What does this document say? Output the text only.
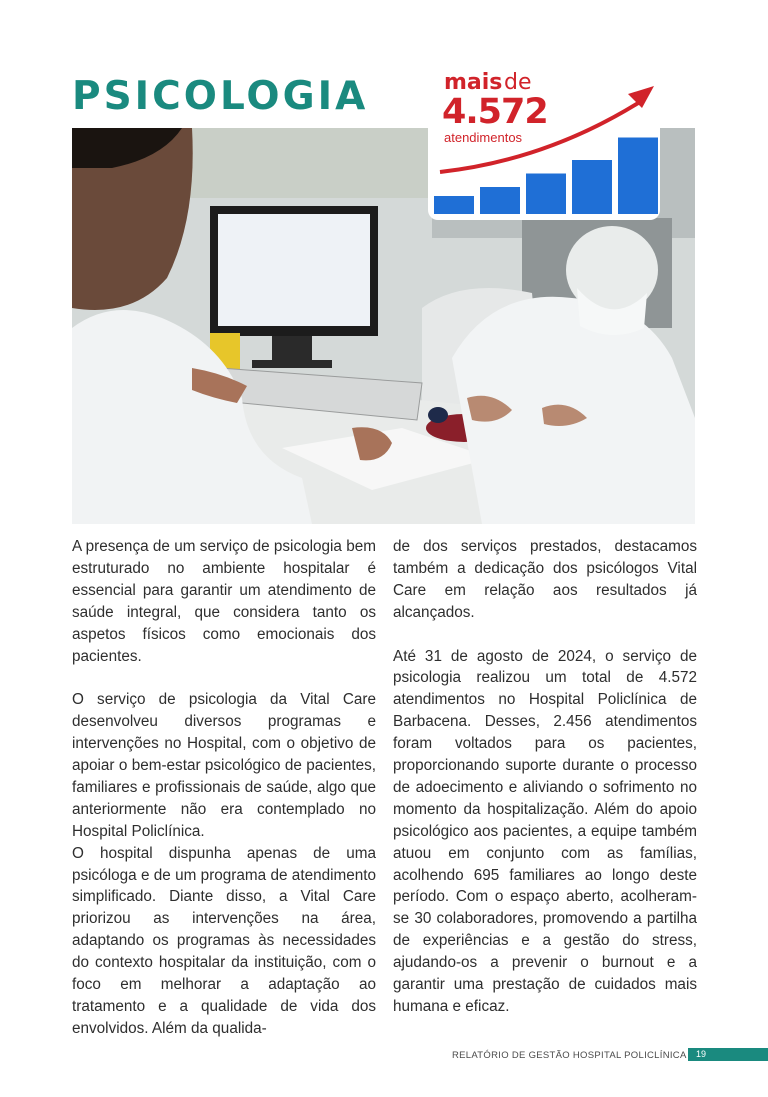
PSICOLOGIA	mais de
4.572
atendimentos

A presença de um serviço de psicologia bem estruturado no ambiente hospitalar é essencial para garantir um atendimento de saúde integral, que considera tanto os aspetos físicos como emocionais dos pacientes.

O serviço de psicologia da Vital Care desenvolveu diversos programas e intervenções no Hospital, com o objetivo de apoiar o bem-estar psicológico de pacientes, familiares e profissionais de saúde, algo que anteriormente não era contemplado no Hospital Policlínica.

O hospital dispunha apenas de uma psicóloga e de um programa de atendimento simplificado. Diante disso, a Vital Care priorizou as intervenções na área, adaptando os programas às necessidades do contexto hospitalar da instituição, com o foco em melhorar a adaptação ao tratamento e a qualidade de vida dos envolvidos. Além da qualida-

de dos serviços prestados, destacamos também a dedicação dos psicólogos Vital Care em relação aos resultados já alcançados.

Até 31 de agosto de 2024, o serviço de psicologia realizou um total de 4.572 atendimentos no Hospital Policlínica de Barbacena. Desses, 2.456 atendimentos foram voltados para os pacientes, proporcionando suporte durante o processo de adoecimento e aliviando o sofrimento no momento da hospitalização. Além do apoio psicológico aos pacientes, a equipe também atuou em conjunto com as famílias, acolhendo 695 familiares ao longo deste período. Com o espaço aberto, acolheram-se 30 colaboradores, promovendo a partilha de experiências e a gestão do stress, ajudando-os a prevenir o burnout e a garantir uma prestação de cuidados mais humana e eficaz.

RELATÓRIO DE GESTÃO HOSPITAL POLICLÍNICA	19
